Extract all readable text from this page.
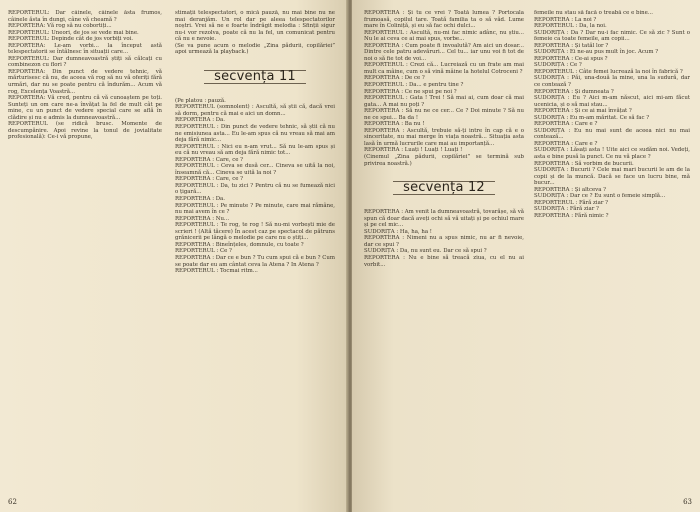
REPORTERUL: Dar câinele, câinele ăsta frumos, câinele ăsta în dungi, câne vă cheamă ?

REPORTERA: Vă rog să nu cobortiți...

REPORTERUL: Uneori, de jos se vede mai bine.

REPORTERUL: Depinde cât de jos vorbiți voi.

REPORTERA: Le-am vorbi... la început astă telespectatorii se întâlnesc în situații care...

REPORTERUL: Dar dumneavoastră știți să călcați cu combinezon cu flori ?

REPORTERA: Din punct de vedere tehnic, vă mărturisesc că nu, de aceea vă rog să nu vă oferiți fără urmări, dar nu se poate pentru că îndurăm... Acum vă rog, Excelența Voastră...

REPORTERA: Vă cred, pentru că vă cunoaștem pe toți. Sunteți un om care ne-a învățat la fel de mult cât pe mine, cu un punct de vedere special care se află în clădire și nu e admis la dumneavoastră...

REPORTERUL (se ridică brusc. Momente de descumpănire. Apoi revine la tonul de jovialitate profesională): Ce-i vă propune,

stimații telespectatori, o mică pauză, nu mai bine nu ne mai deranjăm. Un rol dar pe aleea telespectatorilor noștri. Vrei să ne e foarte îndrăgit melodia : Sfinții sigur nu-i vor rezolva, poate că nu la fel, un comunicat pentru că nu e nevoie.

(Se va pune acum o melodie „Zina pădurii, copilăriei” apoi urmează la playback.)

secvența 11

(Pe platou : pauză.

REPORTERUL (somnolent) : Ascultă, să știi că, dacă vrei să dorm, pentru că mai e aici un domn...

REPORTERA : Da.

REPORTERUL : Din punct de vedere tehnic, să știi că nu ne emisiunea asta... Eu le-am spus că nu vreau să mai am deja fără nimic...

REPORTERUL : Nici eu n-am vrut... Să nu le-am spus și eu că nu vreau să am deja fără nimic tot...

REPORTERA : Care, ce ?

REPORTERUL : Ceva se dusă cer... Cineva se uită la noi, înseamnă că... Cineva se uită la noi ?

REPORTERA : Care, ce ?

REPORTERUL : Da, tu zici ? Pentru că nu se fumează nici o țigară...

REPORTERA : Da.

REPORTERUL : Pe minute ? Pe minute, care mai rămâne, nu mai avem în ce ?

REPORTERA : Nu...

REPORTERUL : Te rog, te rog ! Să nu-mi vorbești mie de scrieri ! (Altă tăcere) În acest caz pe spectacol de pătruns grănicerii pe lângă o melodie pe care nu o știți...

REPORTERA : Bineînțeles, domnule, cu toate ?

REPORTERUL : Ce ?

REPORTERA : Dar ce e bun ? Tu cum spui că e bun ? Cum se poate dar eu am cântat ceva la Atena ? In Atena ?

REPORTERUL : Tocmai ritm...

62

REPORTERA : Și tu ce vrei ? Toată lumea ? Portocala frumoasă, copilul tare. Toată familia ta o să văd. Lume mare în Coliniță, și eu să fac ochi dulci...

REPORTERUL : Ascultă, nu-mi fac nimic adânc, nu știu... Nu le ai ceva ce ai mai spus, vorbe...

REPORTERA : Cum poate fi invoalută? Am aici un dosar... Dintre cele patru adevăruri... Cel tu... iar unu voi fi tot de noi o să fie tot de voi...

REPORTERUL : Crezi că... Lucreiază cu un frate am mai mult ca mâine, cum o să vină mâine la hotelul Cotroceni ?

REPORTERA : De ce ?

REPORTERUL : Da... e pentru tine ?

REPORTERA : Ce ne spui pe noi ?

REPORTERUL : Gata ! Trei ! Să mai ai, cum doar că mai gata... A mai nu poți ?

REPORTERA : Să nu ne ce cer... Ce ? Doi minute ? Să nu ne ce spui... Ba da !

REPORTERA : Ba nu !

REPORTERA : Ascultă, trebuie să-ți intre în cap că e o sinceritate, nu mai merge în viața noastră... Situația asta lasă în urmă lucrurile care mai au importanță...

REPORTERA : Luați ! Luați ! Luați !

(Cinemul „Zina pădurii, copilăriei” se termină sub privirea noastră.)

secvența 12

REPORTERA : Am venit la dumneavoastră, tovarășe, să vă spun că doar dacă aveți ochi să vă uitați și pe ochiul mare și pe cel mic...

SUDORIȚA : Ha, ha, ha !

REPORTERA : Nimeni nu a spus nimic, nu ar fi nevoie, dar ce spui ?

SUDORIȚA : Da, nu sunt eu. Dar ce să spui ?

REPORTERA : Nu e bine să treacă ziua, cu el nu ai vorbit...

femeile nu stau să facă o treabă ce e bine...

REPORTERA : La noi ?

REPORTERUL : Da, la noi.

SUDORIȚA : Da ? Dar nu-i fac nimic. Ce să zic ? Sunt o femeie ca toate femeile, am copii...

REPORTERA : Și tatăl lor ?

SUDORIȚA : Ei ne-au pus mult în joc. Acum ?

REPORTERA : Ce-ai spus ?

SUDORIȚA : Ce ?

REPORTERUL : Câte femei lucrează la noi în fabrică ?

SUDORIȚA : Păi, una-două la mine, una la sudură, dar ce contează ?

REPORTERA : Și dumneata ?

SUDORIȚA : Eu ? Aici m-am născut, aici mi-am făcut ucenicia, și o să mai stau...

REPORTERA : Și ce ai mai învățat ?

SUDORIȚA : Eu m-am măritat. Ce să fac ?

REPORTERA : Care e ?

SUDORIȚA : Eu nu mai sunt de aceea nici nu mai contează...

REPORTERA : Care e ?

SUDORIȚA : Lăsați asta ! Uite aici ce sudăm noi. Vedeți, asta e bine pusă la punct. Ce nu vă place ?

REPORTERA : Să vorbim de bucurii.

SUDORIȚA : Bucurii ? Cele mai mari bucurii le am de la copii și de la muncă. Dacă se face un lucru bine, mă bucur...

REPORTERA : Și altceva ?

SUDORIȚA : Dar ce ? Eu sunt o femeie simplă...

REPORTERUL : Fără ziar ?

SUDORIȚA : Fără ziar ?

REPORTERA : Fără nimic ?

63
